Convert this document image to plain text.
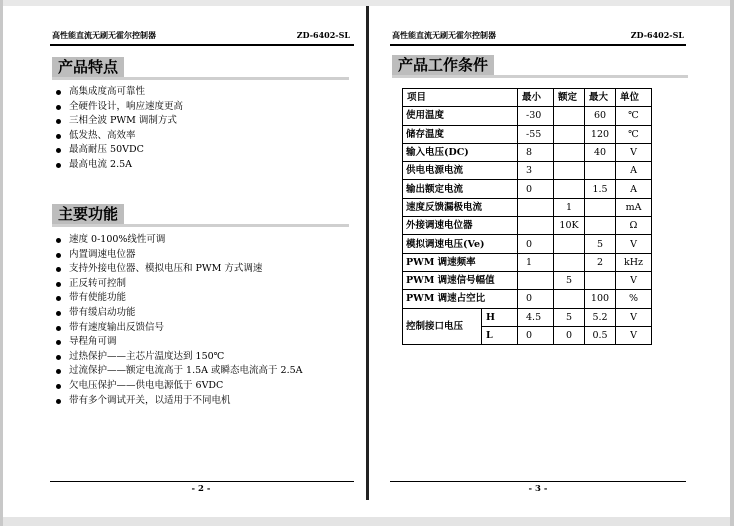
高性能直流无刷无霍尔控制器	ZD-6402-SL
产品特点
高集成度高可靠性
全硬件设计，响应速度更高
三相全波 PWM 调制方式
低发热、高效率
最高耐压 50VDC
最高电流 2.5A
主要功能
速度 0-100%线性可调
内置调速电位器
支持外接电位器、模拟电压和 PWM 方式调速
正反转可控制
带有使能功能
带有缓启动功能
带有速度输出反馈信号
导程角可调
过热保护——主芯片温度达到 150℃
过流保护——额定电流高于 1.5A 或瞬态电流高于 2.5A
欠电压保护——供电电源低于 6VDC
带有多个调试开关，以适用于不同电机
- 2 -
高性能直流无刷无霍尔控制器	ZD-6402-SL
产品工作条件
项目		最小	额定	最大	单位
使用温度		-30		60	℃
储存温度		-55		120	℃
输入电压(DC)		8		40	V
供电电源电流		3			A
输出额定电流		0		1.5	A
速度反馈漏极电流			1		mA
外接调速电位器			10K		Ω
模拟调速电压(Ve)		0		5	V
PWM 调速频率		1		2	kHz
PWM 调速信号幅值			5		V
PWM 调速占空比		0		100	%
控制接口电压	H	4.5	5	5.2	V
	L	0	0	0.5	V
- 3 -
